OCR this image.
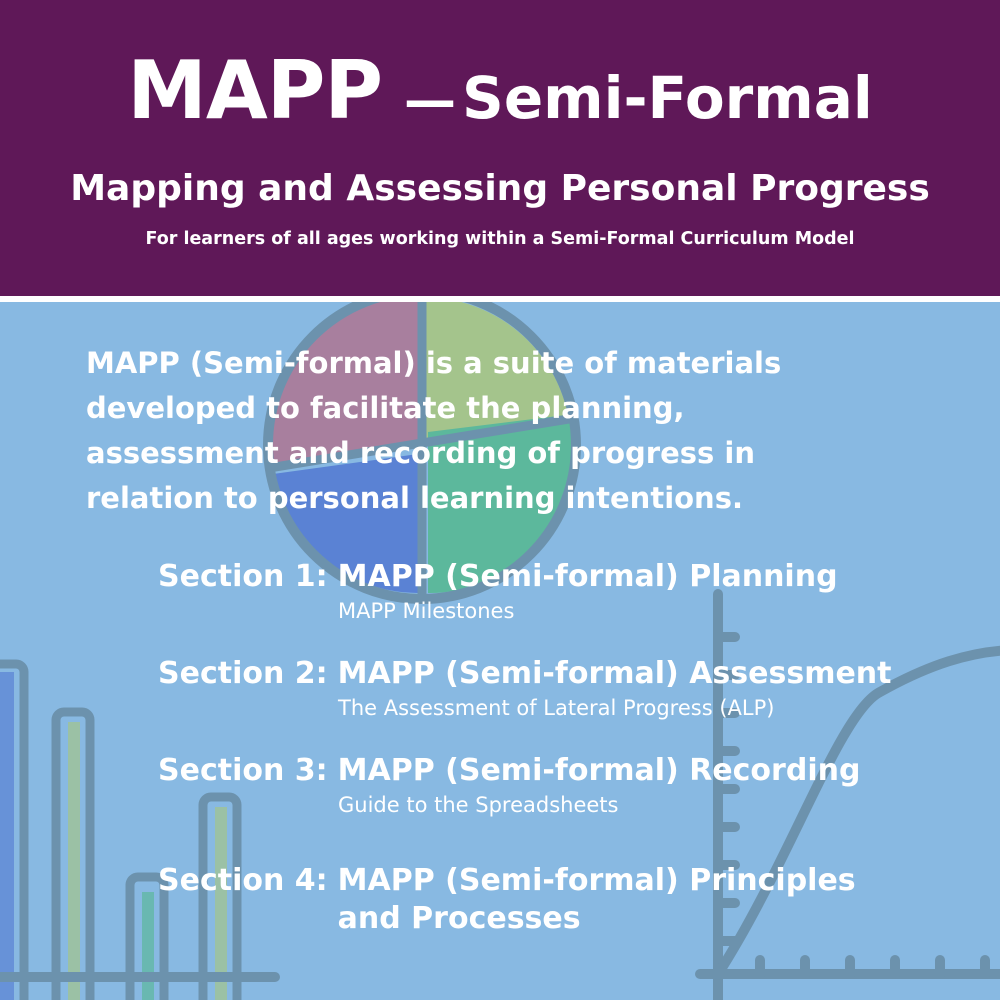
MAPP — Semi-Formal
Mapping and Assessing Personal Progress
For learners of all ages working within a Semi-Formal Curriculum Model
MAPP (Semi-formal) is a suite of materials developed to facilitate the planning, assessment and recording of progress in relation to personal learning intentions.
Section 1: MAPP (Semi-formal) Planning
MAPP Milestones
Section 2: MAPP (Semi-formal) Assessment
The Assessment of Lateral Progress (ALP)
Section 3: MAPP (Semi-formal) Recording
Guide to the Spreadsheets
Section 4: MAPP (Semi-formal) Principles and Processes
